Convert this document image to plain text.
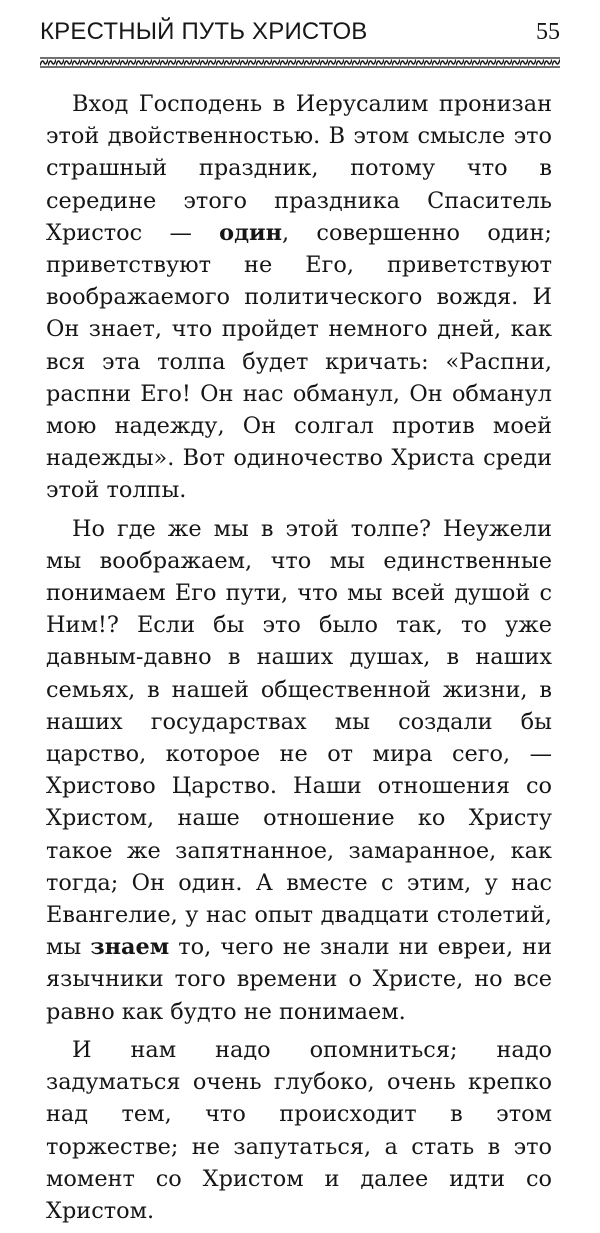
КРЕСТНЫЙ ПУТЬ ХРИСТОВ	55

Вход Господень в Иерусалим пронизан этой двойственностью. В этом смысле это страшный праздник, потому что в середине этого праздника Спаситель Христос — один, совершенно один; приветствуют не Его, приветствуют воображаемого политического вождя. И Он знает, что пройдет немного дней, как вся эта толпа будет кричать: «Распни, распни Его! Он нас обманул, Он обманул мою надежду, Он солгал против моей надежды». Вот одиночество Христа среди этой толпы.

Но где же мы в этой толпе? Неужели мы воображаем, что мы единственные понимаем Его пути, что мы всей душой с Ним!? Если бы это было так, то уже давным-давно в наших душах, в наших семьях, в нашей общественной жизни, в наших государствах мы создали бы царство, которое не от мира сего, — Христово Царство. Наши отношения со Христом, наше отношение ко Христу такое же запятнанное, замаранное, как тогда; Он один. А вместе с этим, у нас Евангелие, у нас опыт двадцати столетий, мы знаем то, чего не знали ни евреи, ни язычники того времени о Христе, но все равно как будто не понимаем.

И нам надо опомниться; надо задуматься очень глубоко, очень крепко над тем, что происходит в этом торжестве; не запутаться, а стать в это момент со Христом и далее идти со Христом.
